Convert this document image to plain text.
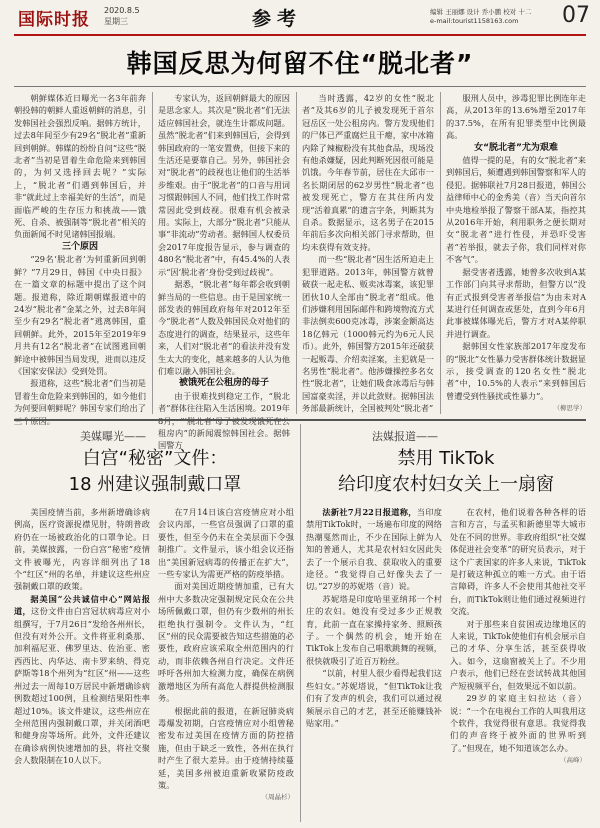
国际时报 2020.8.5
星期三	参考	编辑 王丽娜 设计 乔小鹏 校对 十二
e-mail:tourist1158163.com	07
韩国反思为何留不住“脱北者”

朝鲜媒体近日曝光一名3年前奔朝投韩的朝鲜人重返朝鲜的消息，引发韩国社会强烈反响。据韩方统计，过去8年间至少有29名“脱北者”重新回到朝鲜。韩媒的纷纷自问“这些“脱北者”当初是冒着生命危险来到韩国的，为何又选择回去呢？”实际上，“脱北者”们遇到韩国后，并非“就此过上幸福美好的生活”，而是面临严峻的生存压力和挑战——饿死、自杀、被强制等“脱北者”相关的负面新闻不时见诸韩国报端。

三个原因

“29名‘脱北者’为何重新回到朝鲜？”7月29日，韩国《中央日报》在一篇文章的标题中提出了这个问题。报道称，除近期朝媒报道中的24岁“脱北者”金某之外，过去8年间至少有29名“脱北者”逃离韩国，重回朝鲜。此外，2015年至2019年9月共有12名“脱北者”在试图逃回朝鲜途中被韩国当局发现，进而以违反《国家安保法》受到处罚。

报道称，这些“脱北者”们当初是冒着生命危险来到韩国的，如今他们为何要回朝鲜呢？韩国专家们给出了

专家认为，返回朝鲜最大的原因是思念家人。其次是“脱北者”们无法适应韩国社会，就连生计都成问题。虽然“脱北者”们来到韩国后，会得到韩国政府的一笔安置费，但接下来的生活还是要靠自己。另外，韩国社会对“脱北者”的歧视也让他们的生活举步维艰。由于“脱北者”的口音与用词习惯跟韩国人不同，他们找工作时常常因此受到歧视。很难有机会被录用。实际上，大部分“脱北者”只能从事“非流动”劳动者。据韩国人权委员会2017年度报告显示，参与调查的480名“脱北者”中，有45.4%的人表示“因‘脱北者’身份受到过歧视”。

据悉，“脱北者”每年都会收到朝鲜当局的一些信息。由于是国家统一部发表的韩国政府每年对2012年至今“脱北者”人数及韩国民众对他们的态度进行的调查，结果显示，这些年来，人们对“脱北者”的看法并没有发生太大的变化，越来越多的人认为他们难以融入韩国社会。

被饿死在公租房的母子

由于很难找到稳定工作，“脱北者”群体往往陷入生活困境。2019年 租房内”的新闻震惊韩国社会。据韩国警方

当时透露，42岁的女性“脱北者”及其6岁的儿子被发现死于首尔冠岳区一处公租房内。警方发现他们的尸体已严重腐烂且干瘪，家中冰箱内除了辣椒粉没有其他食品，现场没有他杀嫌疑，因此判断死因很可能是饥饿。今年春节前，居住在大邱市一名长期闭居的62岁男性“脱北者”也被发现死亡，警方在其住所内发现“活着真累”的遗言字条，判断其为自杀。数据显示，这名男子在2015年前后多次向相关部门寻求帮助，但均未获得有效支持。

而一些“脱北者”因生活所迫走上犯罪道路。2013年，韩国警方就曾破获一起走私、贩卖冰毒案，该犯罪团伙10人全部由“脱北者”组成。他们涉嫌利用国际邮件和跨境物流方式非法倒卖600克冰毒，涉案金额高达18亿韩元（1000韩元约为6元人民币）。此外，韩国警方2015年还破获一起贩毒、介绍卖淫案，主犯就是一名男性“脱北者”。他涉嫌操控多名女性“脱北者”，让她们吸食冰毒后与韩国富豪卖淫，并以此敛财。据韩国法务部最新统计，全国被判处“脱北者”

服刑人员中，涉毒犯罪比例连年走高，从2013年的13.6%增至2017年的37.5%，在所有犯罪类型中比例最高。

女“脱北者”尤为艰难

值得一提的是，有的女“脱北者”来到韩国后，频遭遇到韩国警察和军人的侵犯。据韩联社7月28日报道，韩国公益律师中心的金秀美（音）当天向首尔中央地检举报了警察干部A某，指控其从2016年开始，利用职务之便长期对女“脱北者”进行性侵，并恐吓受害者“若举报，就去子你，我们同样对你不客气”。

据受害者透露，她曾多次收到A某工作部门向其寻求帮助，但警方以“没有正式报到受害者举报信”为由未对A某进行任何调查或惩处，直到今年6月此事被媒体曝光后，警方才对A某停职并进行调查。

据韩国女性家族部2017年度发布的“脱北”女性暴力受害群体统计数据显示，接受调查的120名女性“脱北者”中，10.5%的人表示“来到韩国后曾遭受到性骚扰或性暴力”。

（柳思学）

美媒曝光——
白宫“秘密”文件：
18 州建议强制戴口罩

美国疫情当前，多州新增确诊病例高，医疗资源捉襟见肘，特朗普政府仍在一场被政治化的口罩争论。日前，美媒披露，一份白宫“秘密”疫情文件被曝光，内容详细列出了18个“红区”州的名单，并建议这些州应强制戴口罩的政策。

据美国“公共诚信中心”网站报道，这份文件由白宫冠状病毒应对小组撰写，于7月26日“发给各州州长，但没有对外公开。文件将亚利桑那、加利福尼亚、佛罗里达、佐治亚、密西西比、内华达、南卡罗来纳、得克萨斯等18个州列为“红区”州——这些州过去一周每10万居民中新增确诊病例数超过100例，且检测结果阳性率超过10%。该文件建议，这些州应在全州范围内强制戴口罩，并关闭酒吧和健身房等场所。此外，文件还建议在确诊病例快速增加的县，将社交聚会人数限制在10人以下。

在7月14日该白宫疫情应对小组会议内部，一些官员强调了口罩的重要性，但至今仍未在全美层面下令强制推广。文件显示，该小组会议还指出“美国新冠病毒的传播正在扩大”，一些专家认为需更严格的防疫举措。

面对美国近期疫情加重，已有大州中大多数决定强制规定民众在公共场所佩戴口罩，但仍有少数州的州长拒绝执行强制令。文件认为，“红区”州的民众需要被告知这些措施的必要性，政府应该采取全州范围内的行动，而非依赖各州自行决定。文件还呼吁各州加大检测力度，确保在病例激增地区为所有高危人群提供检测服务。

根据此前的报道，在新冠肺炎病毒爆发初期，白宫疫情应对小组曾秘密发布过美国在疫情方面的防控措施，但由于缺乏一致性，各州在执行时产生了很大差异。由于疫情持续蔓延，美国多州被迫重新收紧防疫政策。

（周晶杉）

法媒报道——
禁用 TikTok
给印度农村妇女关上一扇窗

法新社7月22日报道称，当印度禁用TikTok时，一场遍布印度的网络热潮戛然而止，不少在国际上鲜为人知的普通人，尤其是农村妇女因此失去了一个展示自我、获取收入的重要途径。“我觉得自己好像失去了一切。”27岁的苏妮塔（音）说。

苏妮塔是印度哈里亚纳邦一个村庄的农妇。她没有受过多少正规教育，此前一直在家操持家务、照顾孩子。一个偶然的机会，她开始在TikTok上发布自己唱歌跳舞的视频，很快就吸引了近百万粉丝。

“以前，村里人很少看得起我们这些妇女。”苏妮塔说，“但TikTok让我们有了发声的机会，我们可以通过视频展示自己的才艺，甚至还能赚钱补贴家用。”

在农村，他们说着各种各样的语言和方言，与孟买和新德里等大城市处在不同的世界。非政府组织“社交媒体促进社会变革”的研究员表示，对于这个广袤国家的许多人来说，TikTok是打破这种孤立的唯一方式。由于语言障碍，许多人不会使用其他社交平台，而TikTok则让他们通过视频进行交流。

对于那些来自贫困或边缘地区的人来说，TikTok使他们有机会展示自己的才华、分享生活，甚至获得收入。如今，这扇窗被关上了。不少用户表示，他们已经在尝试转战其他国产短视频平台，但效果远不如以前。

29岁的家庭主妇拉达（音）说：“一个在电视台工作的人叫我用这个软件，我觉得很有意思。我觉得我们的声音终于被外面的世界听到了。”但现在，她不知道该怎么办。

（高峰）
